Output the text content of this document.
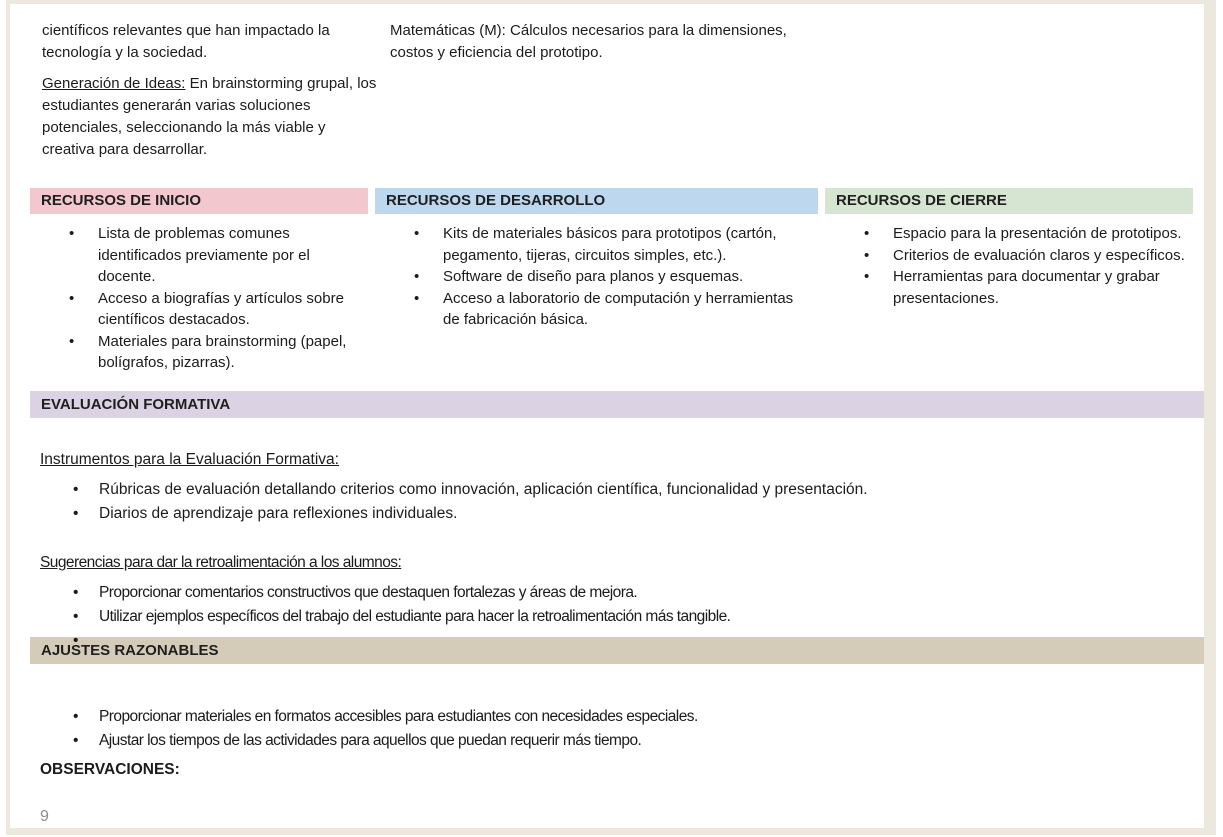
científicos relevantes que han impactado la tecnología y la sociedad.

Generación de Ideas: En brainstorming grupal, los estudiantes generarán varias soluciones potenciales, seleccionando la más viable y creativa para desarrollar.

Matemáticas (M): Cálculos necesarios para la dimensiones, costos y eficiencia del prototipo.

RECURSOS DE INICIO
• Lista de problemas comunes identificados previamente por el docente.
• Acceso a biografías y artículos sobre científicos destacados.
• Materiales para brainstorming (papel, bolígrafos, pizarras).
RECURSOS DE DESARROLLO
• Kits de materiales básicos para prototipos (cartón, pegamento, tijeras, circuitos simples, etc.).
• Software de diseño para planos y esquemas.
• Acceso a laboratorio de computación y herramientas de fabricación básica.
RECURSOS DE CIERRE
• Espacio para la presentación de prototipos.
• Criterios de evaluación claros y específicos.
• Herramientas para documentar y grabar presentaciones.
EVALUACIÓN FORMATIVA

Instrumentos para la Evaluación Formativa:

• Rúbricas de evaluación detallando criterios como innovación, aplicación científica, funcionalidad y presentación.
• Diarios de aprendizaje para reflexiones individuales.

Sugerencias para dar la retroalimentación a los alumnos:

• Proporcionar comentarios constructivos que destaquen fortalezas y áreas de mejora.
• Utilizar ejemplos específicos del trabajo del estudiante para hacer la retroalimentación más tangible.
AJUSTES RAZONABLES
• Proporcionar materiales en formatos accesibles para estudiantes con necesidades especiales.
• Ajustar los tiempos de las actividades para aquellos que puedan requerir más tiempo.

OBSERVACIONES:

9
